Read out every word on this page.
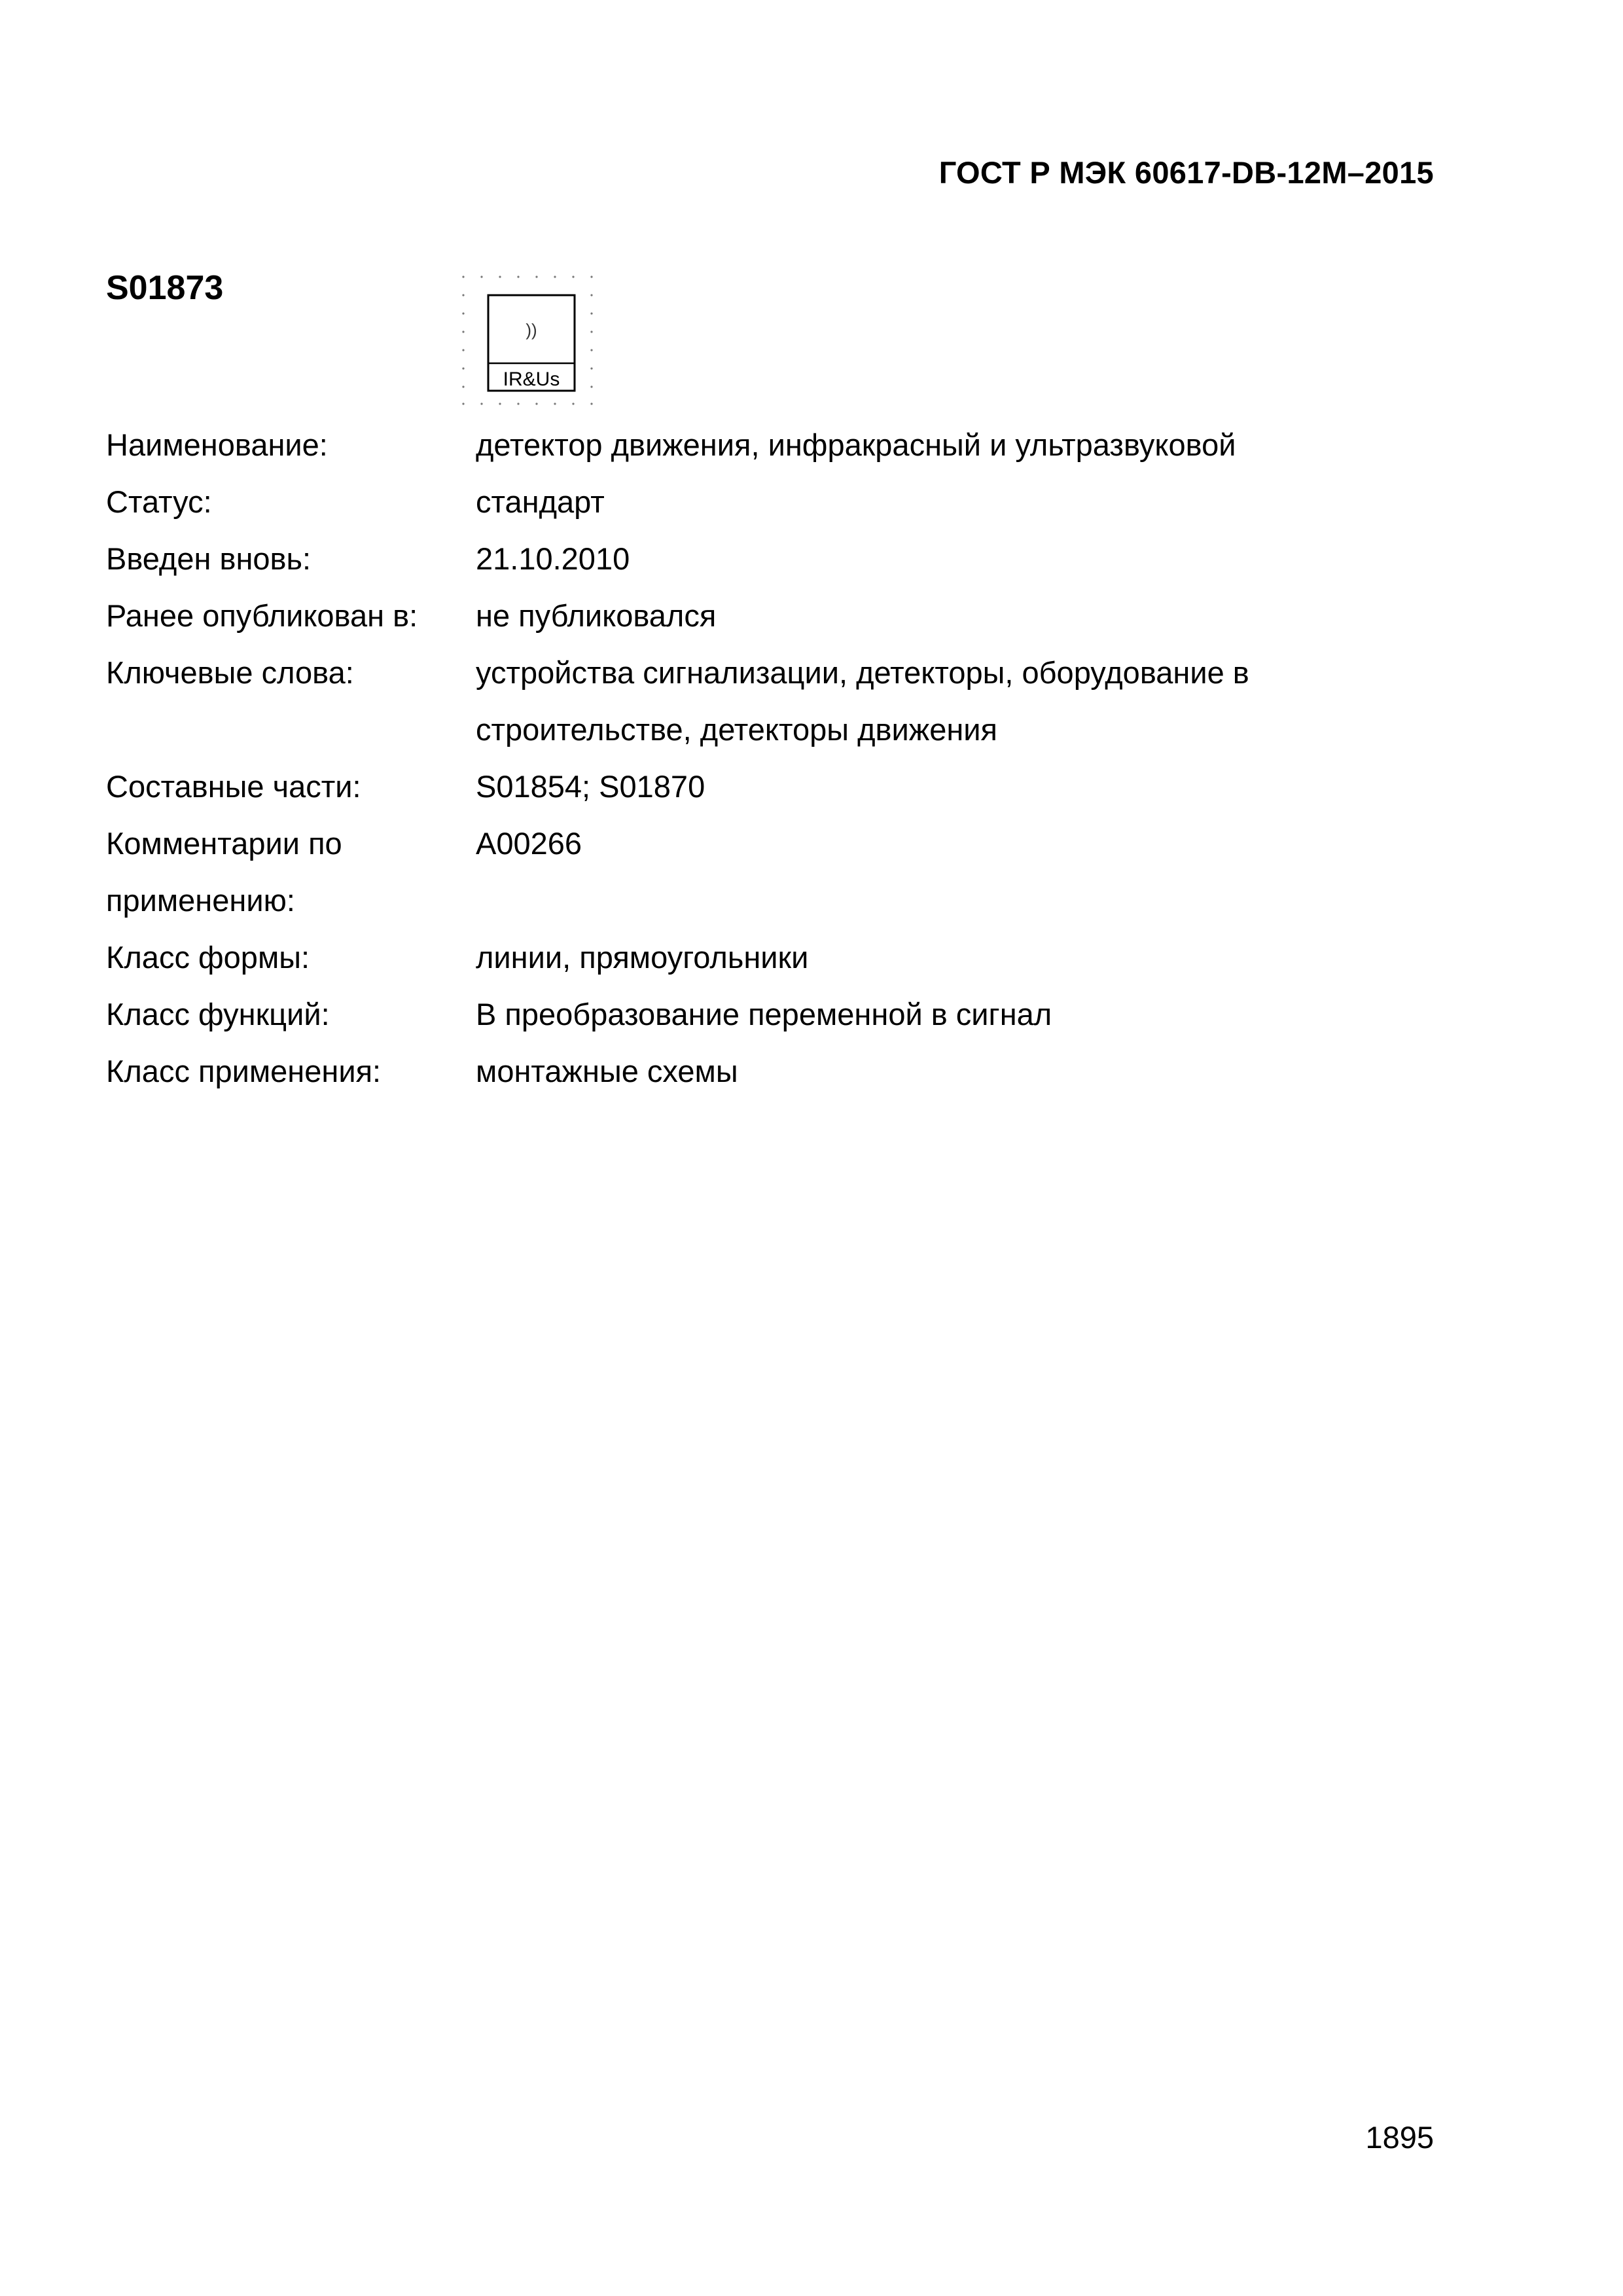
ГОСТ Р МЭК 60617-DB-12M–2015
S01873
))
IR&Us
Наименование:	детектор движения, инфракрасный и ультразвуковой
Статус:	стандарт
Введен вновь:	21.10.2010
Ранее опубликован в:	не публиковался
Ключевые слова:	устройства сигнализации, детекторы, оборудование в строительстве, детекторы движения
Составные части:	S01854; S01870
Комментарии по применению:	A00266
Класс формы:	линии, прямоугольники
Класс функций:	B преобразование переменной в сигнал
Класс применения:	монтажные схемы
1895
